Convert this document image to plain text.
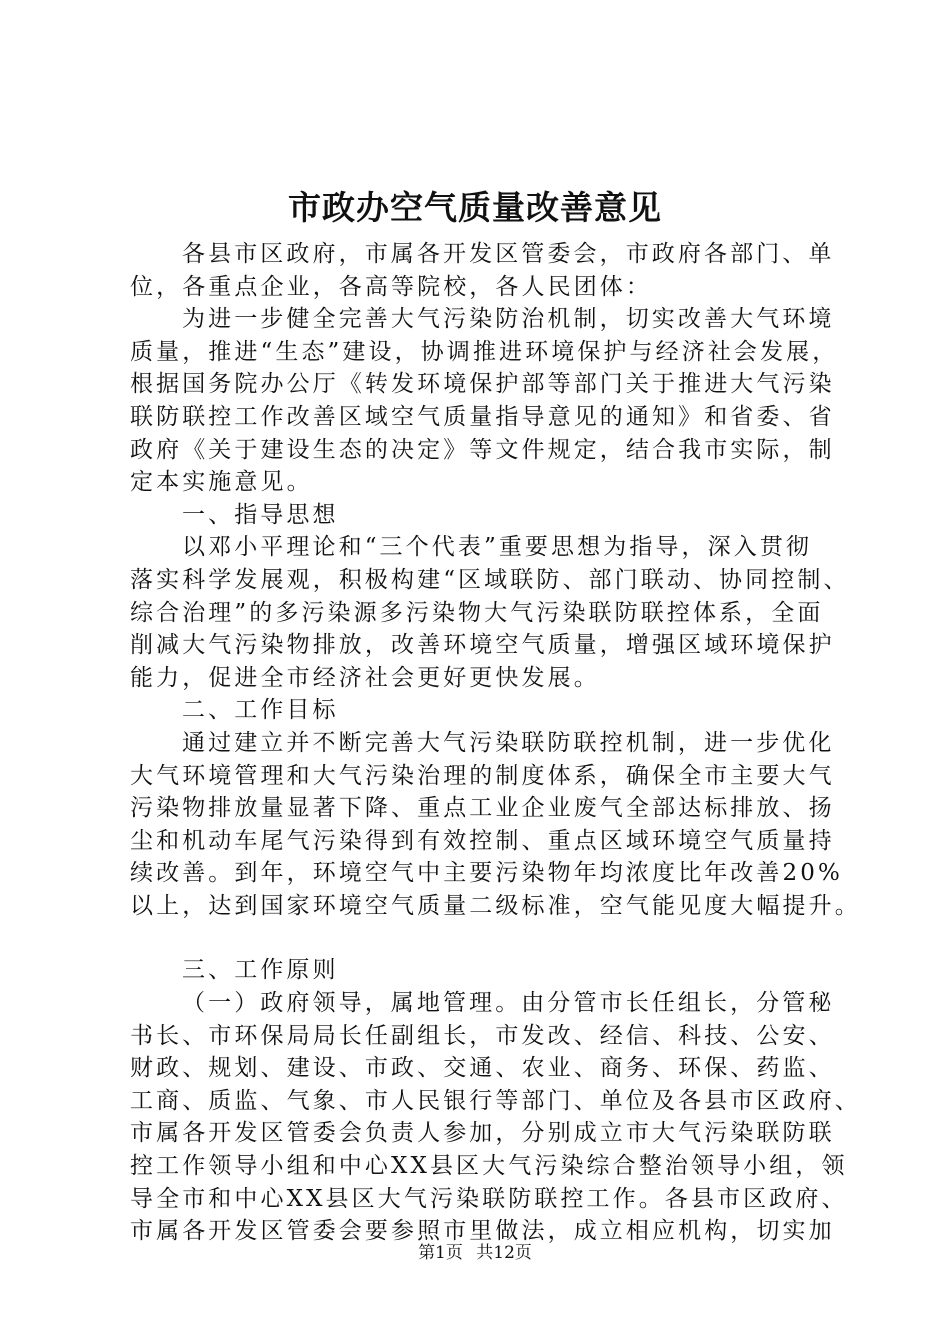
市政办空气质量改善意见
各县市区政府，市属各开发区管委会，市政府各部门、单
位，各重点企业，各高等院校，各人民团体：
为进一步健全完善大气污染防治机制，切实改善大气环境
质量，推进“生态”建设，协调推进环境保护与经济社会发展，
根据国务院办公厅《转发环境保护部等部门关于推进大气污染
联防联控工作改善区域空气质量指导意见的通知》和省委、省
政府《关于建设生态的决定》等文件规定，结合我市实际，制
定本实施意见。
一、指导思想
以邓小平理论和“三个代表”重要思想为指导，深入贯彻
落实科学发展观，积极构建“区域联防、部门联动、协同控制、
综合治理”的多污染源多污染物大气污染联防联控体系，全面
削减大气污染物排放，改善环境空气质量，增强区域环境保护
能力，促进全市经济社会更好更快发展。
二、工作目标
通过建立并不断完善大气污染联防联控机制，进一步优化
大气环境管理和大气污染治理的制度体系，确保全市主要大气
污染物排放量显著下降、重点工业企业废气全部达标排放、扬
尘和机动车尾气污染得到有效控制、重点区域环境空气质量持
续改善。到年，环境空气中主要污染物年均浓度比年改善20%
以上，达到国家环境空气质量二级标准，空气能见度大幅提升。
三、工作原则
（一）政府领导，属地管理。由分管市长任组长，分管秘
书长、市环保局局长任副组长，市发改、经信、科技、公安、
财政、规划、建设、市政、交通、农业、商务、环保、药监、
工商、质监、气象、市人民银行等部门、单位及各县市区政府、
市属各开发区管委会负责人参加，分别成立市大气污染联防联
控工作领导小组和中心XX县区大气污染综合整治领导小组，领
导全市和中心XX县区大气污染联防联控工作。各县市区政府、
市属各开发区管委会要参照市里做法，成立相应机构，切实加
第1页 共12页
